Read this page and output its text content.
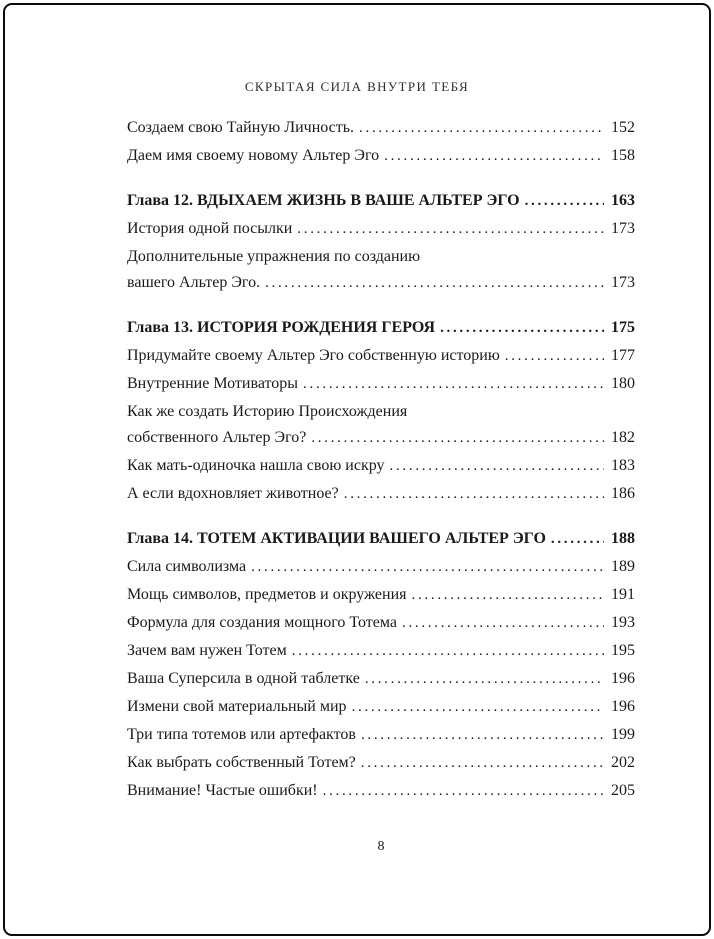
СКРЫТАЯ СИЛА ВНУТРИ ТЕБЯ
Создаем свою Тайную Личность. .....	152
Даем имя своему новому Альтер Эго .....	158
Глава 12. ВДЫХАЕМ ЖИЗНЬ В ВАШЕ АЛЬТЕР ЭГО .....	163
История одной посылки .....	173
Дополнительные упражнения по созданию
вашего Альтер Эго. .....	173
Глава 13. ИСТОРИЯ РОЖДЕНИЯ ГЕРОЯ .....	175
Придумайте своему Альтер Эго собственную историю .....	177
Внутренние Мотиваторы .....	180
Как же создать Историю Происхождения
собственного Альтер Эго? .....	182
Как мать-одиночка нашла свою искру .....	183
А если вдохновляет животное? .....	186
Глава 14. ТОТЕМ АКТИВАЦИИ ВАШЕГО АЛЬТЕР ЭГО .....	188
Сила символизма .....	189
Мощь символов, предметов и окружения .....	191
Формула для создания мощного Тотема .....	193
Зачем вам нужен Тотем .....	195
Ваша Суперсила в одной таблетке .....	196
Измени свой материальный мир .....	196
Три типа тотемов или артефактов .....	199
Как выбрать собственный Тотем? .....	202
Внимание! Частые ошибки! .....	205
8
